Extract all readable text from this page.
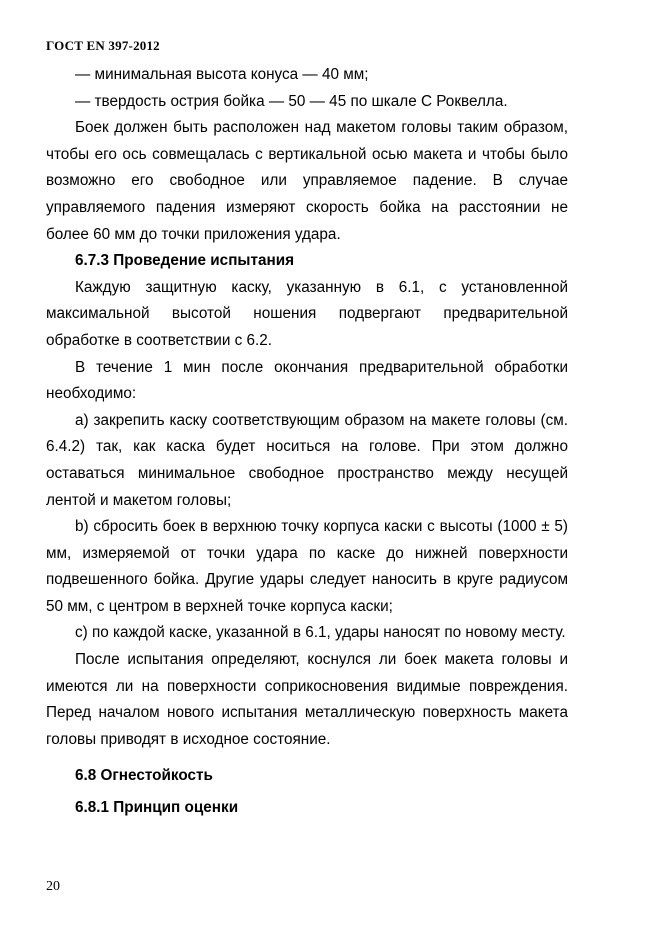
ГОСТ EN 397-2012

— минимальная высота конуса — 40 мм;

— твердость острия бойка — 50 — 45 по шкале С Роквелла.

Боек должен быть расположен над макетом головы таким образом, чтобы его ось совмещалась с вертикальной осью макета и чтобы было возможно его свободное или управляемое падение. В случае управляемого падения измеряют скорость бойка на расстоянии не более 60 мм до точки приложения удара.

6.7.3 Проведение испытания

Каждую защитную каску, указанную в 6.1, с установленной максимальной высотой ношения подвергают предварительной обработке в соответствии с 6.2.

В течение 1 мин после окончания предварительной обработки необходимо:

a) закрепить каску соответствующим образом на макете головы (см. 6.4.2) так, как каска будет носиться на голове. При этом должно оставаться минимальное свободное пространство между несущей лентой и макетом головы;

b) сбросить боек в верхнюю точку корпуса каски с высоты (1000 ± 5) мм, измеряемой от точки удара по каске до нижней поверхности подвешенного бойка. Другие удары следует наносить в круге радиусом 50 мм, с центром в верхней точке корпуса каски;

c) по каждой каске, указанной в 6.1, удары наносят по новому месту.

После испытания определяют, коснулся ли боек макета головы и имеются ли на поверхности соприкосновения видимые повреждения. Перед началом нового испытания металлическую поверхность макета головы приводят в исходное состояние.

6.8 Огнестойкость

6.8.1 Принцип оценки

20
